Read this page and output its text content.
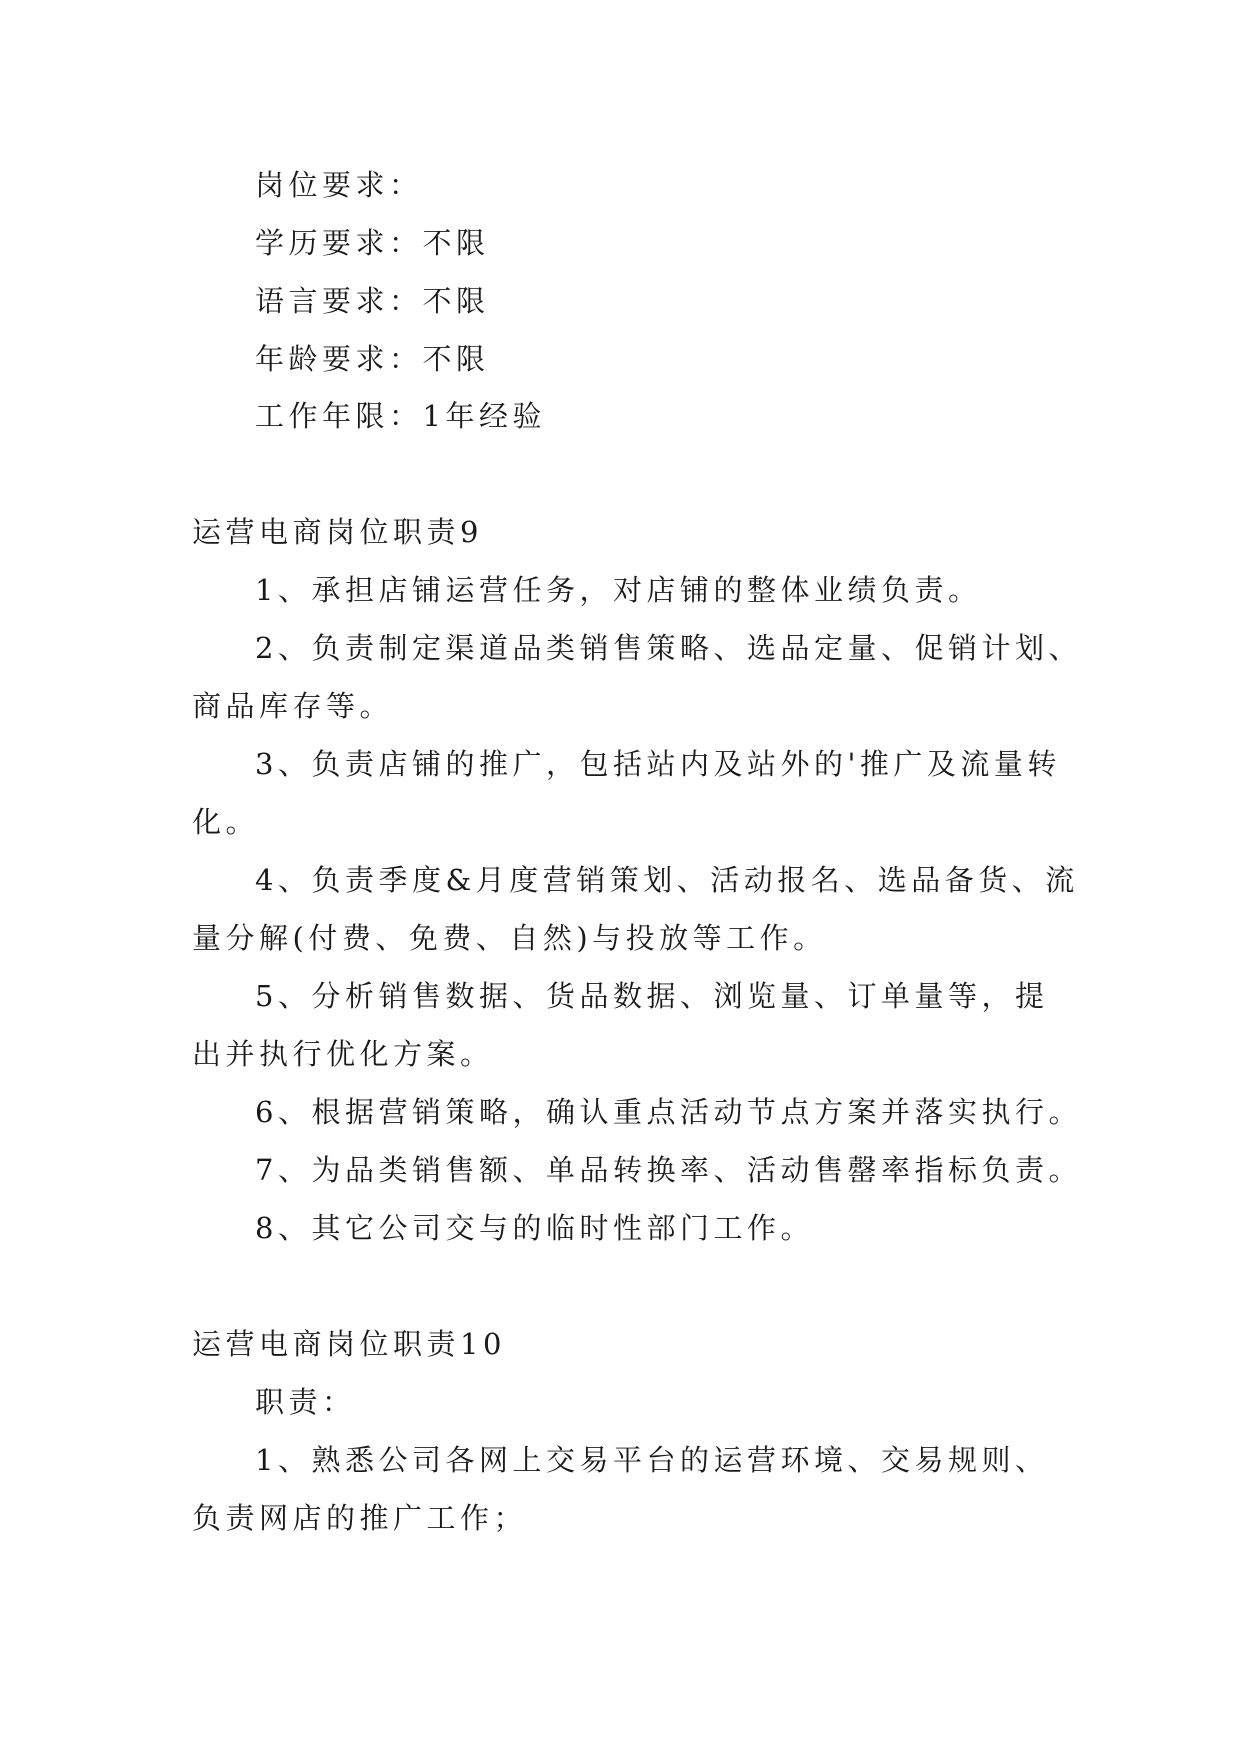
岗位要求：
学历要求：不限
语言要求：不限
年龄要求：不限
工作年限：1年经验
运营电商岗位职责9
1、承担店铺运营任务，对店铺的整体业绩负责。
2、负责制定渠道品类销售策略、选品定量、促销计划、
商品库存等。
3、负责店铺的推广，包括站内及站外的'推广及流量转
化。
4、负责季度&月度营销策划、活动报名、选品备货、流
量分解(付费、免费、自然)与投放等工作。
5、分析销售数据、货品数据、浏览量、订单量等，提
出并执行优化方案。
6、根据营销策略，确认重点活动节点方案并落实执行。
7、为品类销售额、单品转换率、活动售罄率指标负责。
8、其它公司交与的临时性部门工作。
运营电商岗位职责10
职责：
1、熟悉公司各网上交易平台的运营环境、交易规则、
负责网店的推广工作；
